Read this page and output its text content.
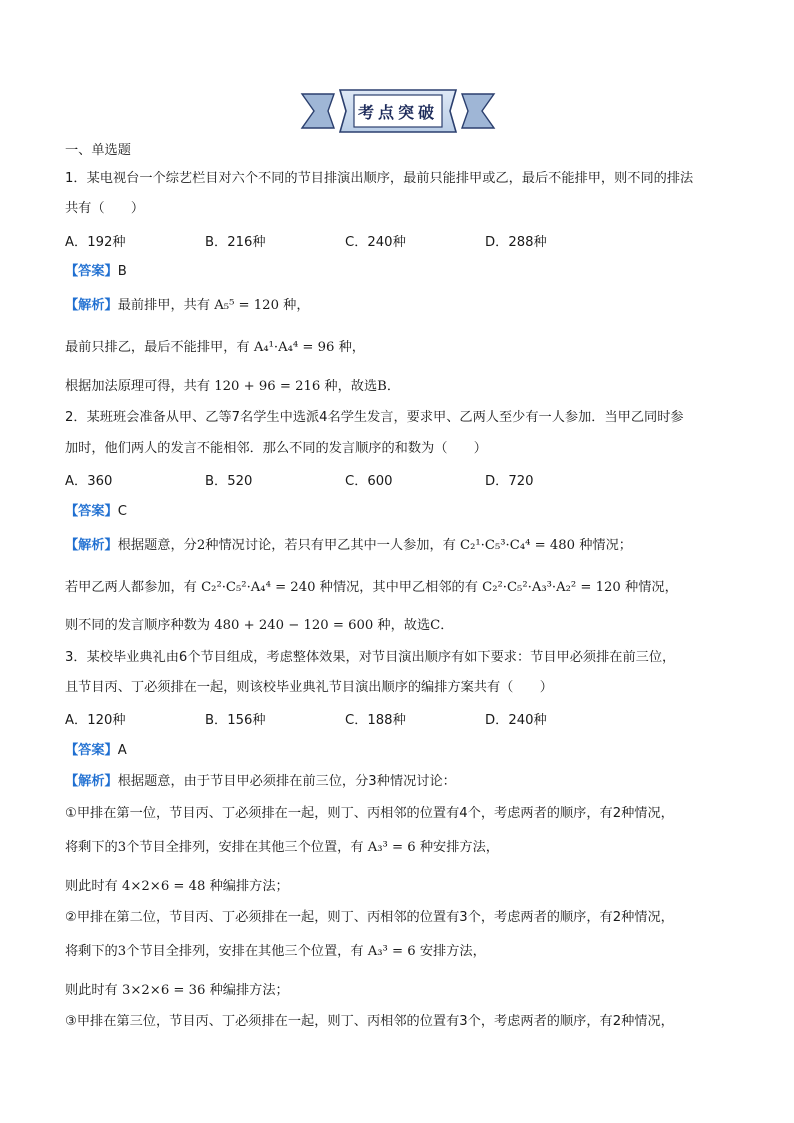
考点突破
一、单选题
1．某电视台一个综艺栏目对六个不同的节目排演出顺序，最前只能排甲或乙，最后不能排甲，则不同的排法
共有（　　）
A．192种	B．216种	C．240种	D．288种
【答案】B
【解析】最前排甲，共有 A₅⁵ = 120 种，
最前只排乙，最后不能排甲，有 A₄¹·A₄⁴ = 96 种，
根据加法原理可得，共有 120 + 96 = 216 种，故选B．
2．某班班会准备从甲、乙等7名学生中选派4名学生发言，要求甲、乙两人至少有一人参加．当甲乙同时参
加时，他们两人的发言不能相邻．那么不同的发言顺序的和数为（　　）
A．360	B．520	C．600	D．720
【答案】C
【解析】根据题意，分2种情况讨论，若只有甲乙其中一人参加，有 C₂¹·C₅³·C₄⁴ = 480 种情况；
若甲乙两人都参加，有 C₂²·C₅²·A₄⁴ = 240 种情况，其中甲乙相邻的有 C₂²·C₅²·A₃³·A₂² = 120 种情况，
则不同的发言顺序种数为 480 + 240 − 120 = 600 种，故选C．
3．某校毕业典礼由6个节目组成，考虑整体效果，对节目演出顺序有如下要求：节目甲必须排在前三位，
且节目丙、丁必须排在一起，则该校毕业典礼节目演出顺序的编排方案共有（　　）
A．120种	B．156种	C．188种	D．240种
【答案】A
【解析】根据题意，由于节目甲必须排在前三位，分3种情况讨论：
①甲排在第一位，节目丙、丁必须排在一起，则丁、丙相邻的位置有4个，考虑两者的顺序，有2种情况，
将剩下的3个节目全排列，安排在其他三个位置，有 A₃³ = 6 种安排方法，
则此时有 4×2×6 = 48 种编排方法；
②甲排在第二位，节目丙、丁必须排在一起，则丁、丙相邻的位置有3个，考虑两者的顺序，有2种情况，
将剩下的3个节目全排列，安排在其他三个位置，有 A₃³ = 6 安排方法，
则此时有 3×2×6 = 36 种编排方法；
③甲排在第三位，节目丙、丁必须排在一起，则丁、丙相邻的位置有3个，考虑两者的顺序，有2种情况，
